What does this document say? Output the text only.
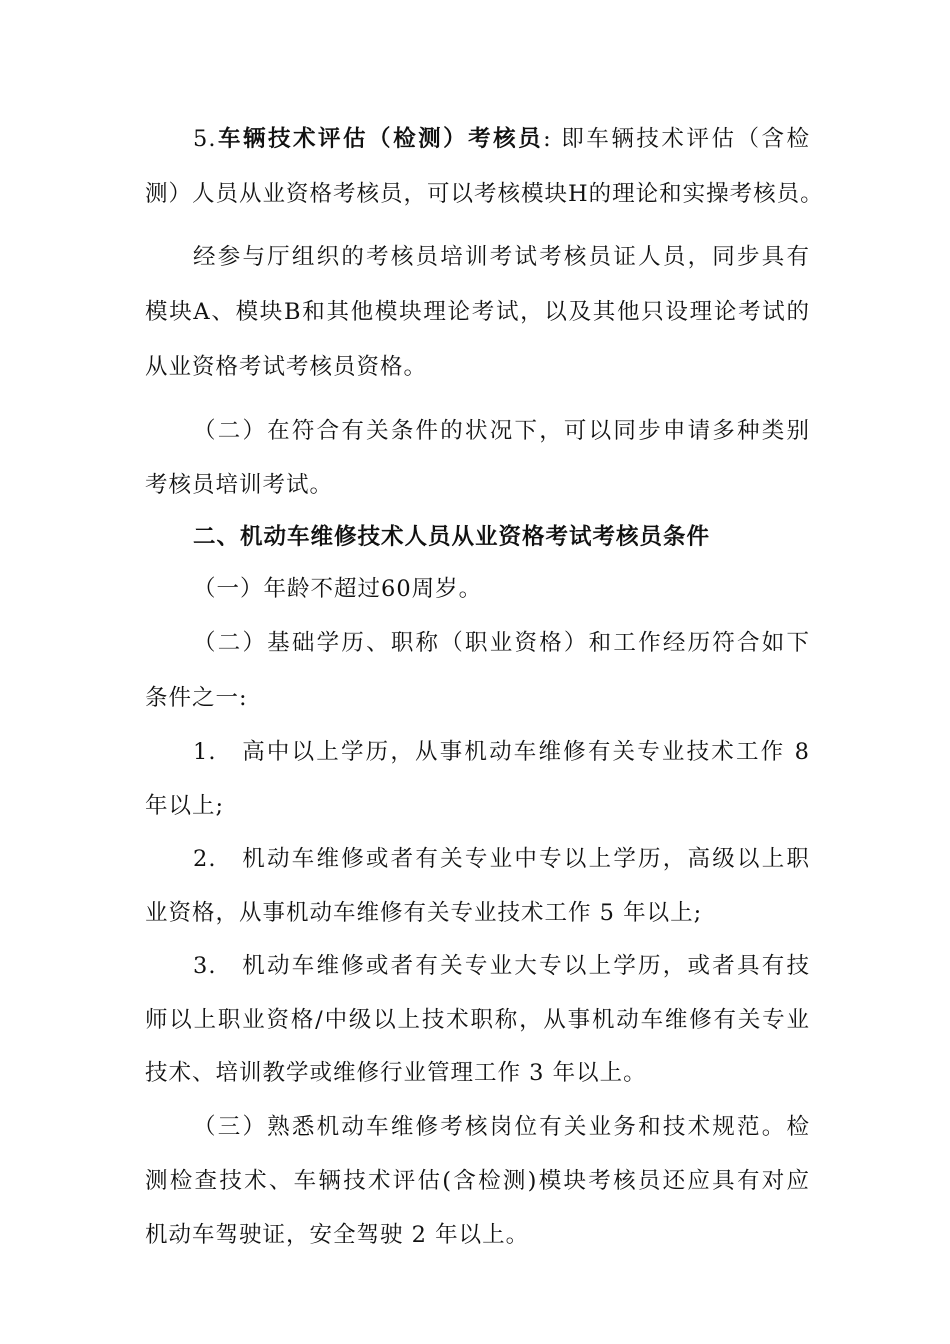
5.车辆技术评估（检测）考核员: 即车辆技术评估（含检
测）人员从业资格考核员，可以考核模块H的理论和实操考核员。
经参与厅组织的考核员培训考试考核员证人员，同步具有
模块A、模块B和其他模块理论考试，以及其他只设理论考试的
从业资格考试考核员资格。
（二）在符合有关条件的状况下，可以同步申请多种类别
考核员培训考试。
二、机动车维修技术人员从业资格考试考核员条件
（一）年龄不超过60周岁。
（二）基础学历、职称（职业资格）和工作经历符合如下
条件之一:
1. 高中以上学历，从事机动车维修有关专业技术工作 8
年以上;
2. 机动车维修或者有关专业中专以上学历，高级以上职
业资格，从事机动车维修有关专业技术工作 5 年以上;
3. 机动车维修或者有关专业大专以上学历，或者具有技
师以上职业资格/中级以上技术职称，从事机动车维修有关专业
技术、培训教学或维修行业管理工作 3 年以上。
（三）熟悉机动车维修考核岗位有关业务和技术规范。检
测检查技术、车辆技术评估(含检测)模块考核员还应具有对应
机动车驾驶证，安全驾驶 2 年以上。
